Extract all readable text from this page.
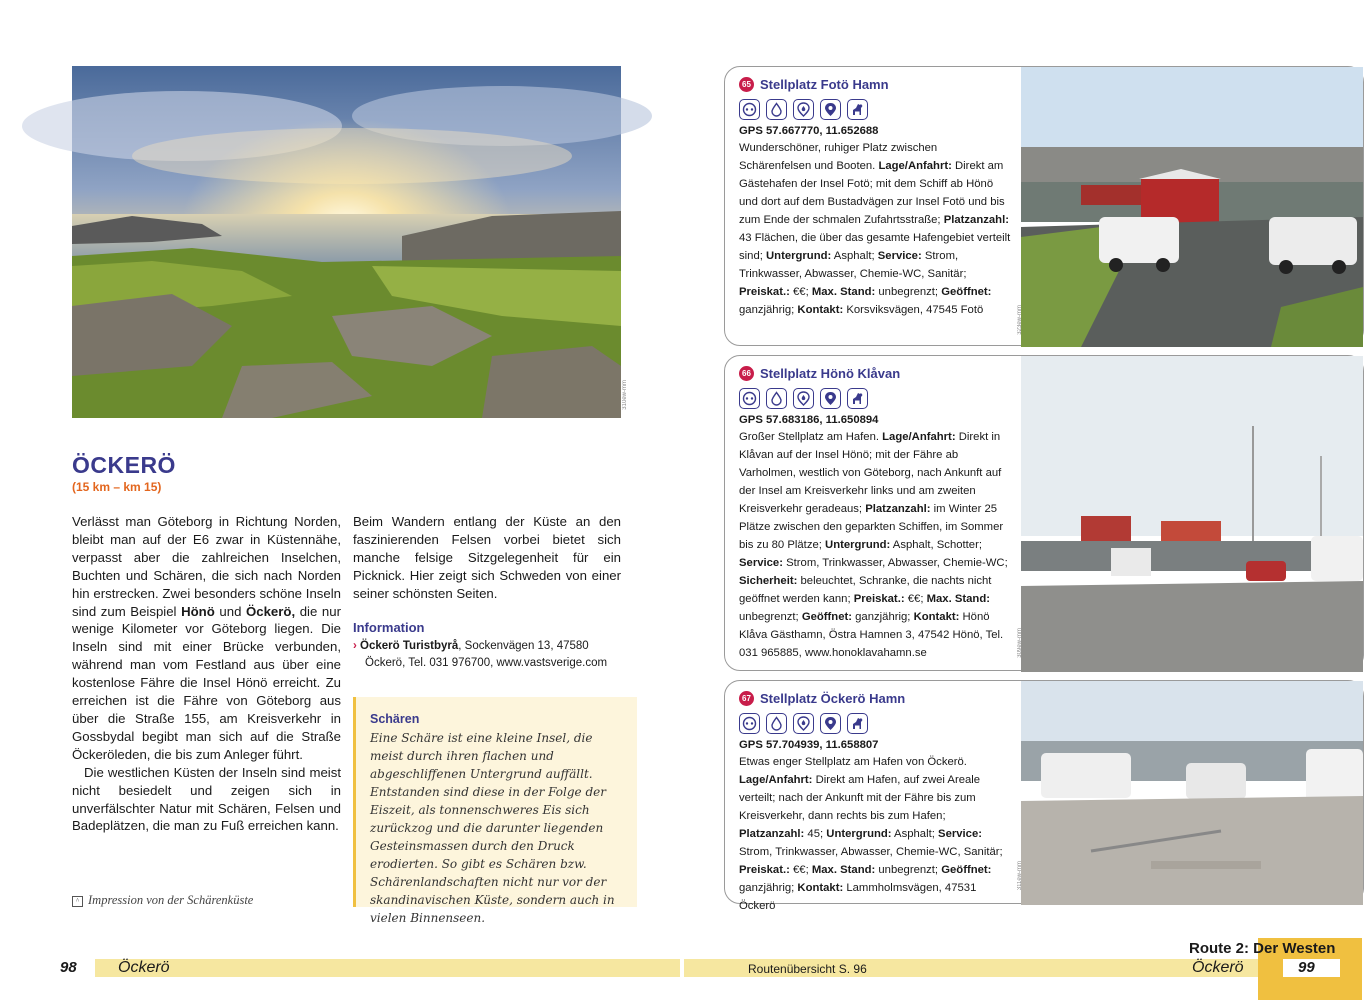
310ew-mm
ÖCKERÖ
(15 km – km 15)

Verlässt man Göteborg in Richtung Norden, bleibt man auf der E6 zwar in Küstennähe, verpasst aber die zahlreichen Inselchen, Buchten und Schären, die sich nach Norden hin erstrecken. Zwei besonders schöne Inseln sind zum Beispiel Hönö und Öckerö, die nur wenige Kilometer vor Göteborg liegen. Die Inseln sind mit einer Brücke verbunden, während man vom Festland aus über eine kostenlose Fähre die Insel Hönö erreicht. Zu erreichen ist die Fähre von Göteborg aus über die Straße 155, am Kreisverkehr in Gossbydal begibt man sich auf die Straße Öckeröleden, die bis zum Anleger führt.

Die westlichen Küsten der Inseln sind meist nicht besiedelt und zeigen sich in unverfälschter Natur mit Schären, Felsen und Badeplätzen, die man zu Fuß erreichen kann.

Beim Wandern entlang der Küste an den faszinierenden Felsen vorbei bietet sich manche felsige Sitzgelegenheit für ein Picknick. Hier zeigt sich Schweden von einer seiner schönsten Seiten.

Information
› Öckerö Turistbyrå, Sockenvägen 13, 47580 Öckerö, Tel. 031 976700, www.vastsverige.com
Schären
Eine Schäre ist eine kleine Insel, die meist durch ihren flachen und abgeschliffenen Untergrund auffällt. Entstanden sind diese in der Folge der Eiszeit, als tonnenschweres Eis sich zurückzog und die darunter liegenden Gesteinsmassen durch den Druck erodierten. So gibt es Schären bzw. Schärenlandschaften nicht nur vor der skandinavischen Küste, sondern auch in vielen Binnenseen.
^ Impression von der Schärenküste
65 Stellplatz Fotö Hamn
GPS 57.667770, 11.652688
Wunderschöner, ruhiger Platz zwischen Schärenfelsen und Booten. Lage/Anfahrt: Direkt am Gästehafen der Insel Fotö; mit dem Schiff ab Hönö und dort auf dem Bustadvägen zur Insel Fotö und bis zum Ende der schmalen Zufahrtsstraße; Platzanzahl: 43 Flächen, die über das gesamte Hafengebiet verteilt sind; Untergrund: Asphalt; Service: Strom, Trinkwasser, Abwasser, Chemie-WC, Sanitär; Preiskat.: €€; Max. Stand: unbegrenzt; Geöffnet: ganzjährig; Kontakt: Korsviksvägen, 47545 Fotö	323ew-mm
66 Stellplatz Hönö Klåvan
GPS 57.683186, 11.650894
Großer Stellplatz am Hafen. Lage/Anfahrt: Direkt in Klåvan auf der Insel Hönö; mit der Fähre ab Varholmen, westlich von Göteborg, nach Ankunft auf der Insel am Kreisverkehr links und am zweiten Kreisverkehr geradeaus; Platzanzahl: im Winter 25 Plätze zwischen den geparkten Schiffen, im Sommer bis zu 80 Plätze; Untergrund: Asphalt, Schotter; Service: Strom, Trinkwasser, Abwasser, Chemie-WC; Sicherheit: beleuchtet, Schranke, die nachts nicht geöffnet werden kann; Preiskat.: €€; Max. Stand: unbegrenzt; Geöffnet: ganzjährig; Kontakt: Hönö Klåva Gästhamn, Östra Hamnen 3, 47542 Hönö, Tel. 031 965885, www.honoklavahamn.se	309ew-mm
67 Stellplatz Öckerö Hamn
GPS 57.704939, 11.658807
Etwas enger Stellplatz am Hafen von Öckerö. Lage/Anfahrt: Direkt am Hafen, auf zwei Areale verteilt; nach der Ankunft mit der Fähre bis zum Kreisverkehr, dann rechts bis zum Hafen; Platzanzahl: 45; Untergrund: Asphalt; Service: Strom, Trinkwasser, Abwasser, Chemie-WC, Sanitär; Preiskat.: €€; Max. Stand: unbegrenzt; Geöffnet: ganzjährig; Kontakt: Lammholmsvägen, 47531 Öckerö
311ew-mm
98	Öckerö	Routenübersicht S. 96
Route 2: Der Westen
Öckerö	99
